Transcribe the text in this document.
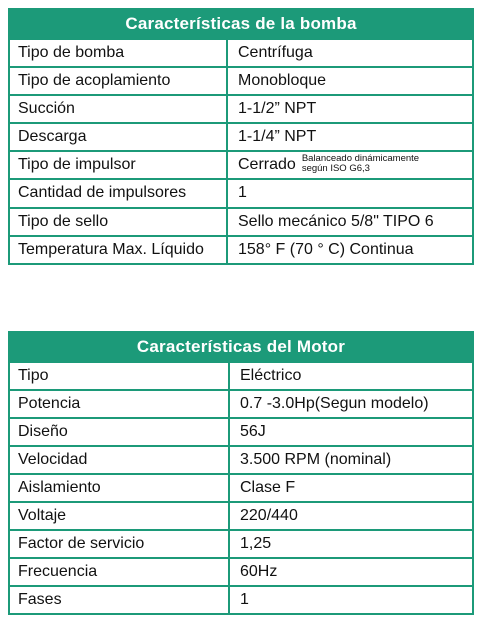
Características de la bomba
Tipo de bomba	Centrífuga
Tipo de acoplamiento	Monobloque
Succión	1-1/2” NPT
Descarga	1-1/4” NPT
Tipo de impulsor	Cerrado Balanceado dinámicamente
según ISO G6,3
Cantidad de impulsores	1
Tipo de sello	Sello mecánico 5/8" TIPO 6
Temperatura Max. Líquido	158° F (70 ° C) Continua
Características del Motor
Tipo	Eléctrico
Potencia	0.7 -3.0Hp(Segun modelo)
Diseño	56J
Velocidad	3.500 RPM (nominal)
Aislamiento	Clase F
Voltaje	220/440
Factor de servicio	1,25
Frecuencia	60Hz
Fases	1
